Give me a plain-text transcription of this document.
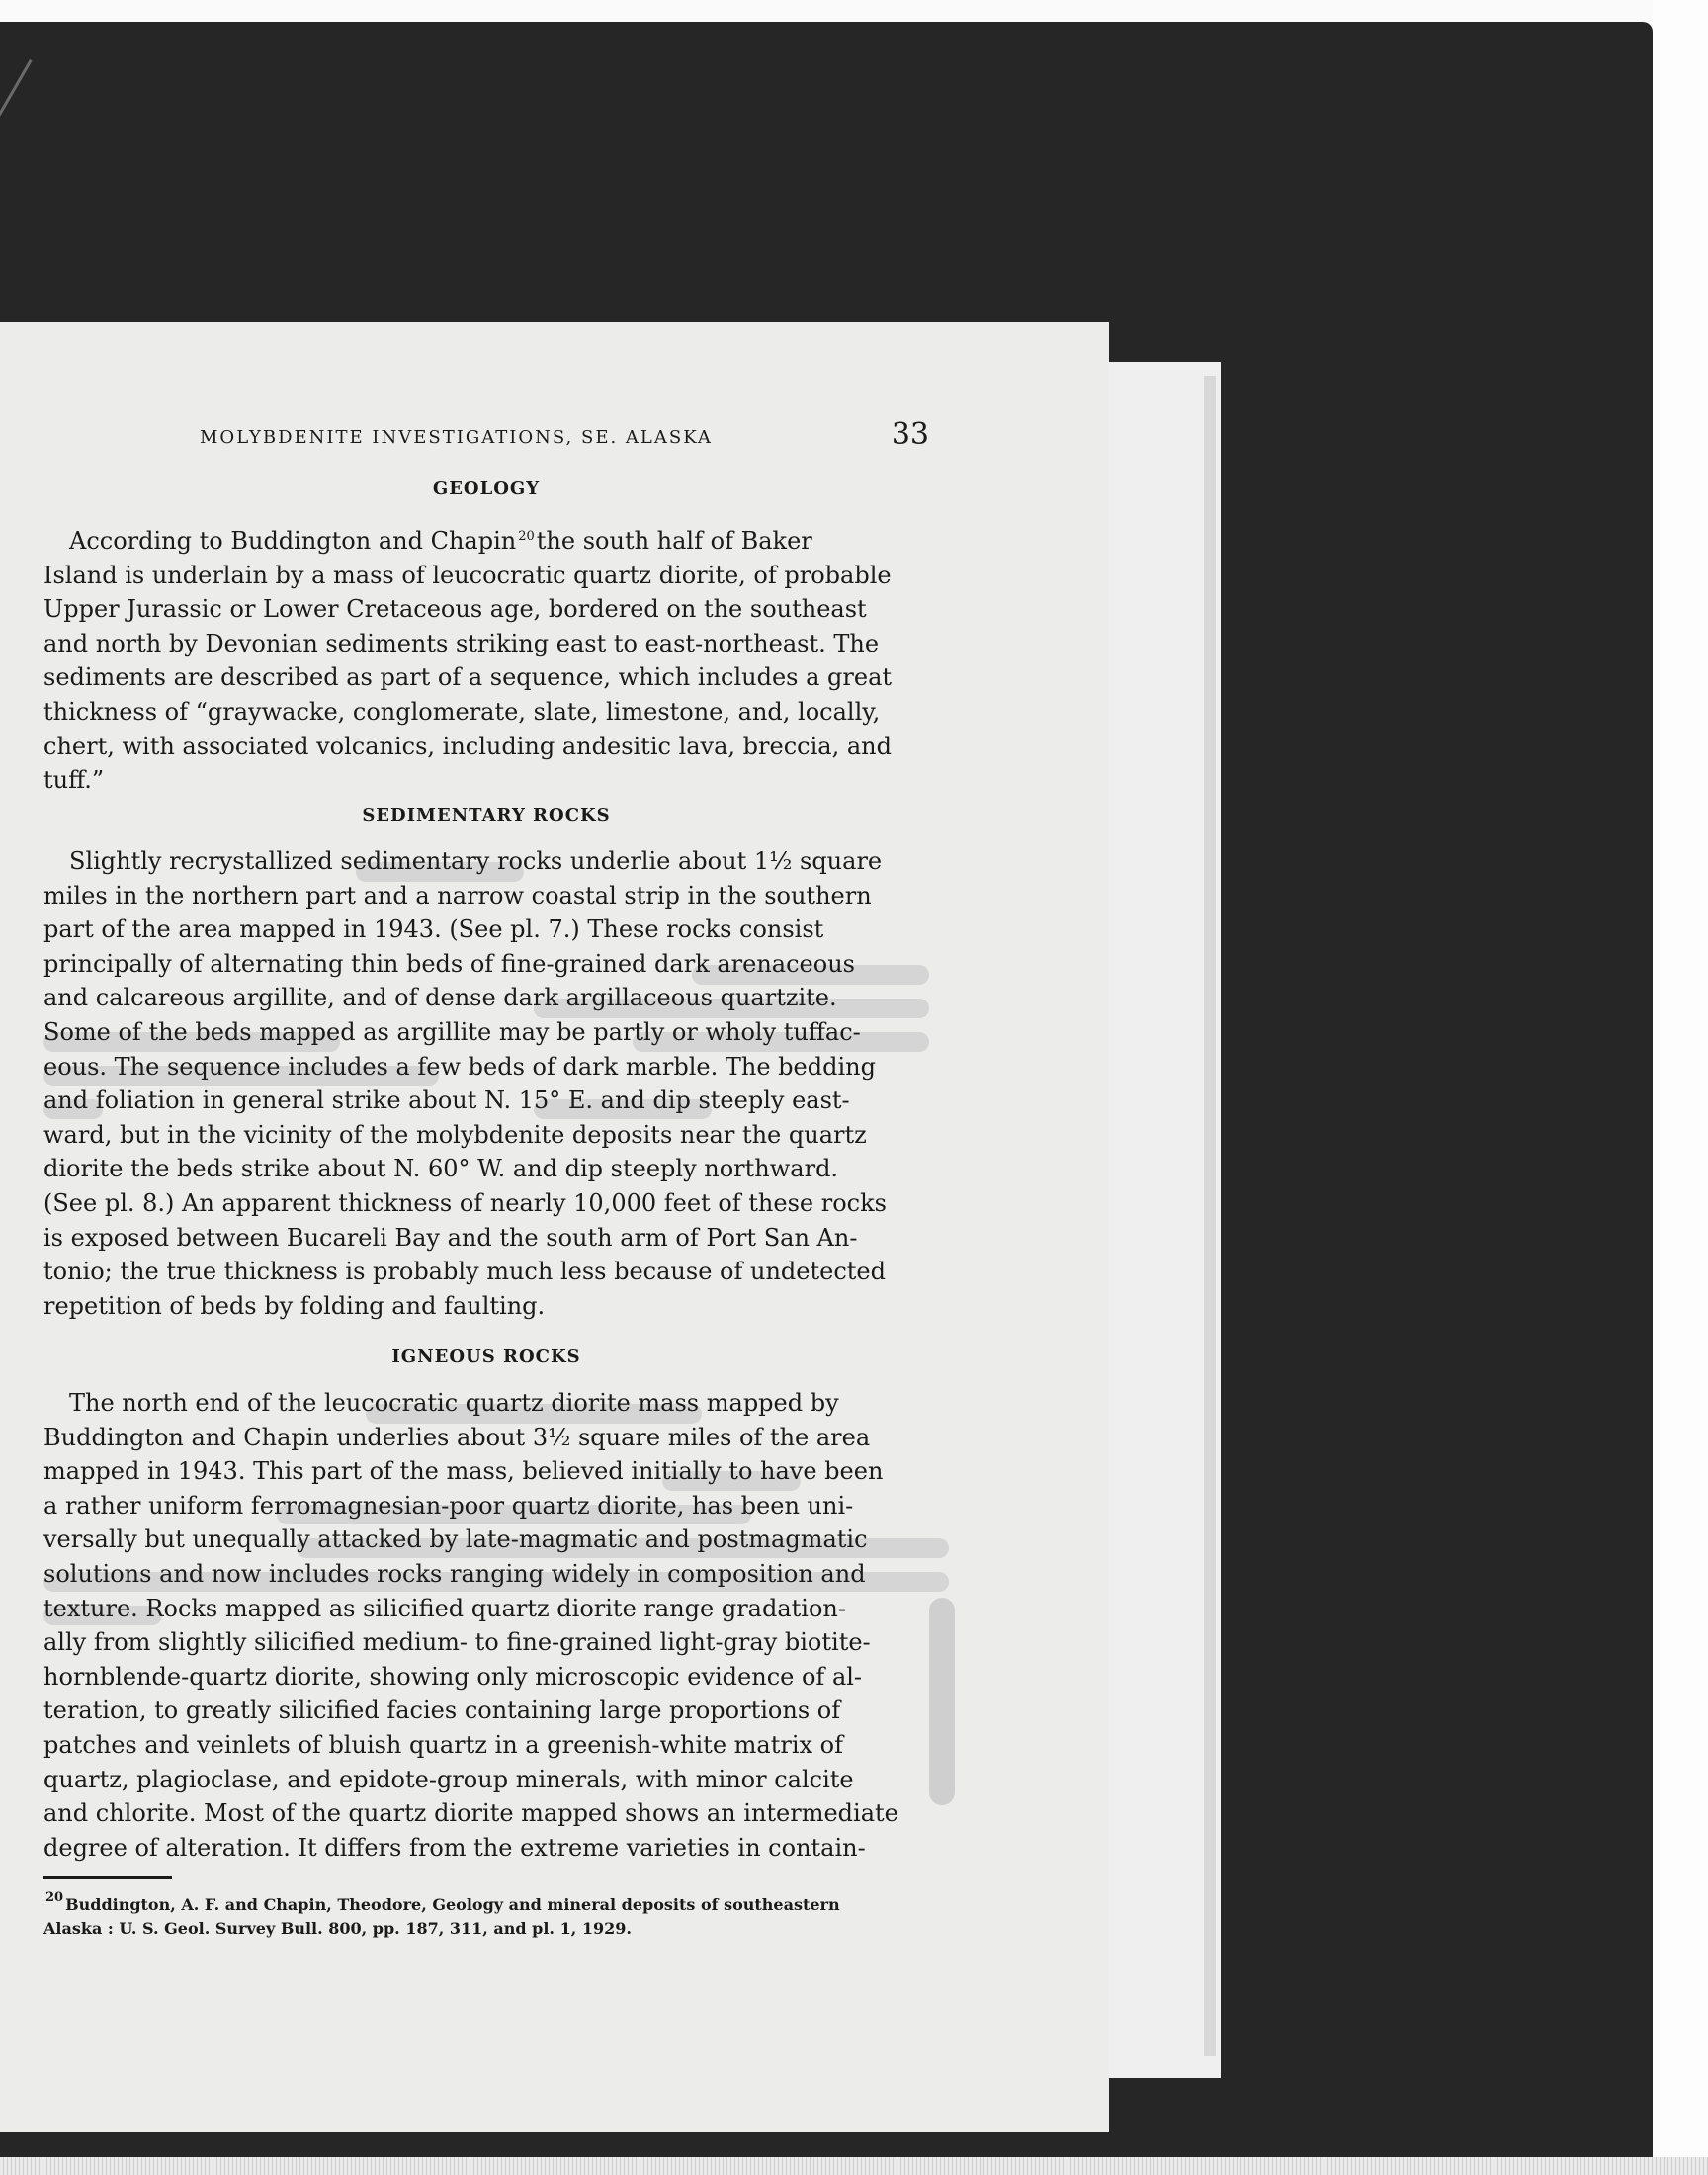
MOLYBDENITE INVESTIGATIONS, SE. ALASKA	33
GEOLOGY

According to Buddington and Chapin $^{20}$the south half of Baker
Island is underlain by a mass of leucocratic quartz diorite, of probable
Upper Jurassic or Lower Cretaceous age, bordered on the southeast
and north by Devonian sediments striking east to east-northeast. The
sediments are described as part of a sequence, which includes a great
thickness of “graywacke, conglomerate, slate, limestone, and, locally,
chert, with associated volcanics, including andesitic lava, breccia, and
tuff.”

SEDIMENTARY ROCKS

Slightly recrystallized sedimentary rocks underlie about 1½ square
miles in the northern part and a narrow coastal strip in the southern
part of the area mapped in 1943. (See pl. 7.) These rocks consist
principally of alternating thin beds of fine-grained dark arenaceous
and calcareous argillite, and of dense dark argillaceous quartzite.
Some of the beds mapped as argillite may be partly or wholy tuffac-
eous. The sequence includes a few beds of dark marble. The bedding
and foliation in general strike about N. 15° E. and dip steeply east-
ward, but in the vicinity of the molybdenite deposits near the quartz
diorite the beds strike about N. 60° W. and dip steeply northward.
(See pl. 8.) An apparent thickness of nearly 10,000 feet of these rocks
is exposed between Bucareli Bay and the south arm of Port San An-
tonio; the true thickness is probably much less because of undetected
repetition of beds by folding and faulting.

IGNEOUS ROCKS

The north end of the leucocratic quartz diorite mass mapped by
Buddington and Chapin underlies about 3½ square miles of the area
mapped in 1943. This part of the mass, believed initially to have been
a rather uniform ferromagnesian-poor quartz diorite, has been uni-
versally but unequally attacked by late-magmatic and postmagmatic
solutions and now includes rocks ranging widely in composition and
texture. Rocks mapped as silicified quartz diorite range gradation-
ally from slightly silicified medium- to fine-grained light-gray biotite-
hornblende-quartz diorite, showing only microscopic evidence of al-
teration, to greatly silicified facies containing large proportions of
patches and veinlets of bluish quartz in a greenish-white matrix of
quartz, plagioclase, and epidote-group minerals, with minor calcite
and chlorite. Most of the quartz diorite mapped shows an intermediate
degree of alteration. It differs from the extreme varieties in contain-

$^{20}$ Buddington, A. F. and Chapin, Theodore, Geology and mineral deposits of southeastern
Alaska : U. S. Geol. Survey Bull. 800, pp. 187, 311, and pl. 1, 1929.
